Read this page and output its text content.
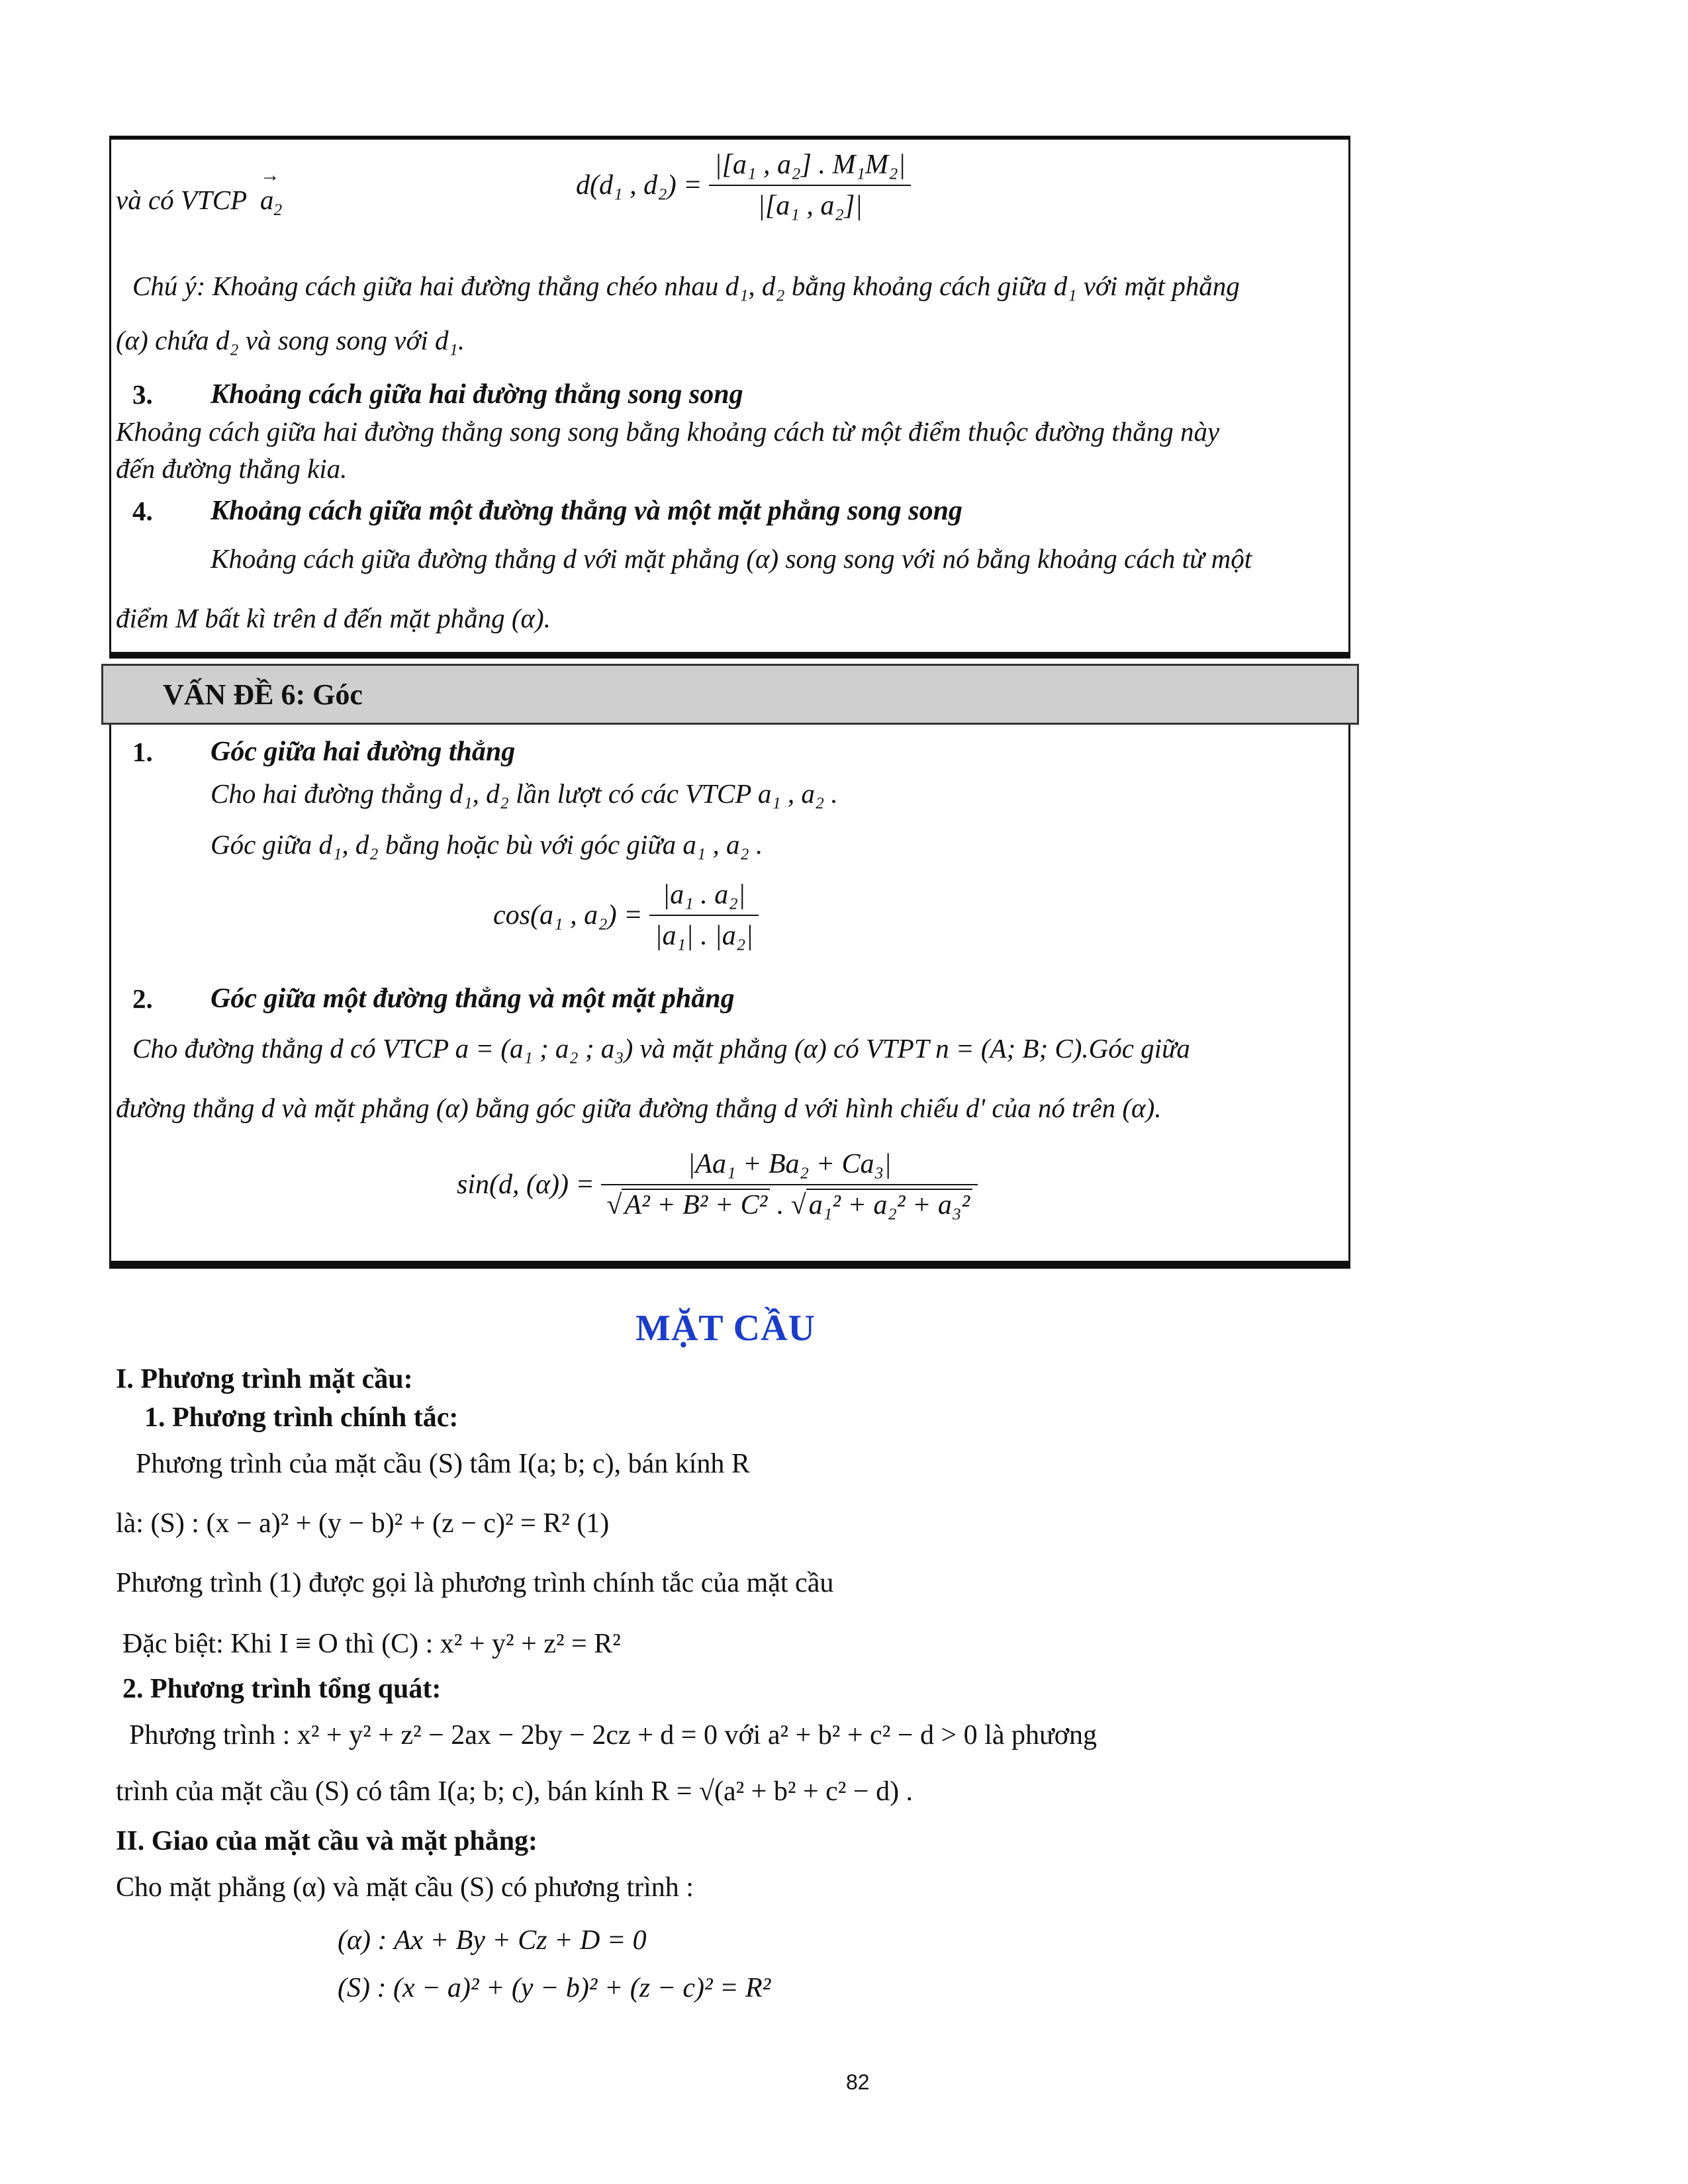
và có VTCP  → $a_2$
d(d₁ , $d_2) = \frac{\text{|[a₁ , a₂] . M₁M₂|}}{\text{|[a₁ , a₂]|}}$
Chú ý: Khoảng cách giữa hai đường thẳng chéo nhau d₁, d₂ bằng khoảng cách giữa d₁ với mặt phẳng
(α) chứa d₂ và song song với d₁.
3. Khoảng cách giữa hai đường thẳng song song
Khoảng cách giữa hai đường thẳng song song bằng khoảng cách từ một điểm thuộc đường thẳng này
đến đường thẳng kia.
4. Khoảng cách giữa một đường thẳng và một mặt phẳng song song
Khoảng cách giữa đường thẳng d với mặt phẳng (α) song song với nó bằng khoảng cách từ một
điểm M bất kì trên d đến mặt phẳng (α).
VẤN ĐỀ 6: Góc
1. Góc giữa hai đường thẳng
Cho hai đường thẳng d₁, d₂ lần lượt có các VTCP a₁ , a₂ .
Góc giữa d₁, d₂ bằng hoặc bù với góc giữa a₁ , a₂ .
cos(a₁ , $a_2) = \frac{\text{|a₁ . a₂|}}{\text{|a₁| . |a₂|}}$
2. Góc giữa một đường thẳng và một mặt phẳng
Cho đường thẳng d có VTCP a = (a₁ ; a₂ ; a₃) và mặt phẳng (α) có VTPT n = (A; B; C).Góc giữa
đường thẳng d và mặt phẳng (α) bằng góc giữa đường thẳng d với hình chiếu d' của nó trên (α).
sin(d, $(\alpha)) = \frac{\text{|Aa₁ + Ba₂ + Ca₃|}}{\text{√A² + B² + C² . √a₁² + a₂² + a₃²}}$
MẶT CẦU
I. Phương trình mặt cầu:
1. Phương trình chính tắc:
Phương trình của mặt cầu (S) tâm I(a; b; c), bán kính R
là: (S) : (x − a)² + (y − b)² + (z − c)² = R² (1)
Phương trình (1) được gọi là phương trình chính tắc của mặt cầu
Đặc biệt: Khi I ≡ O thì (C) : x² + y² + z² = R²
2. Phương trình tổng quát:
Phương trình : x² + y² + z² − 2ax − 2by − 2cz + d = 0 với a² + b² + c² − d > 0 là phương
trình của mặt cầu (S) có tâm I(a; b; c), bán kính R = √(a² + b² + c² − d) .
II. Giao của mặt cầu và mặt phẳng:
Cho mặt phẳng (α) và mặt cầu (S) có phương trình :
(α) : Ax + By + Cz + D = 0
(S) : (x − a)² + (y − b)² + (z − c)² = R²
82
